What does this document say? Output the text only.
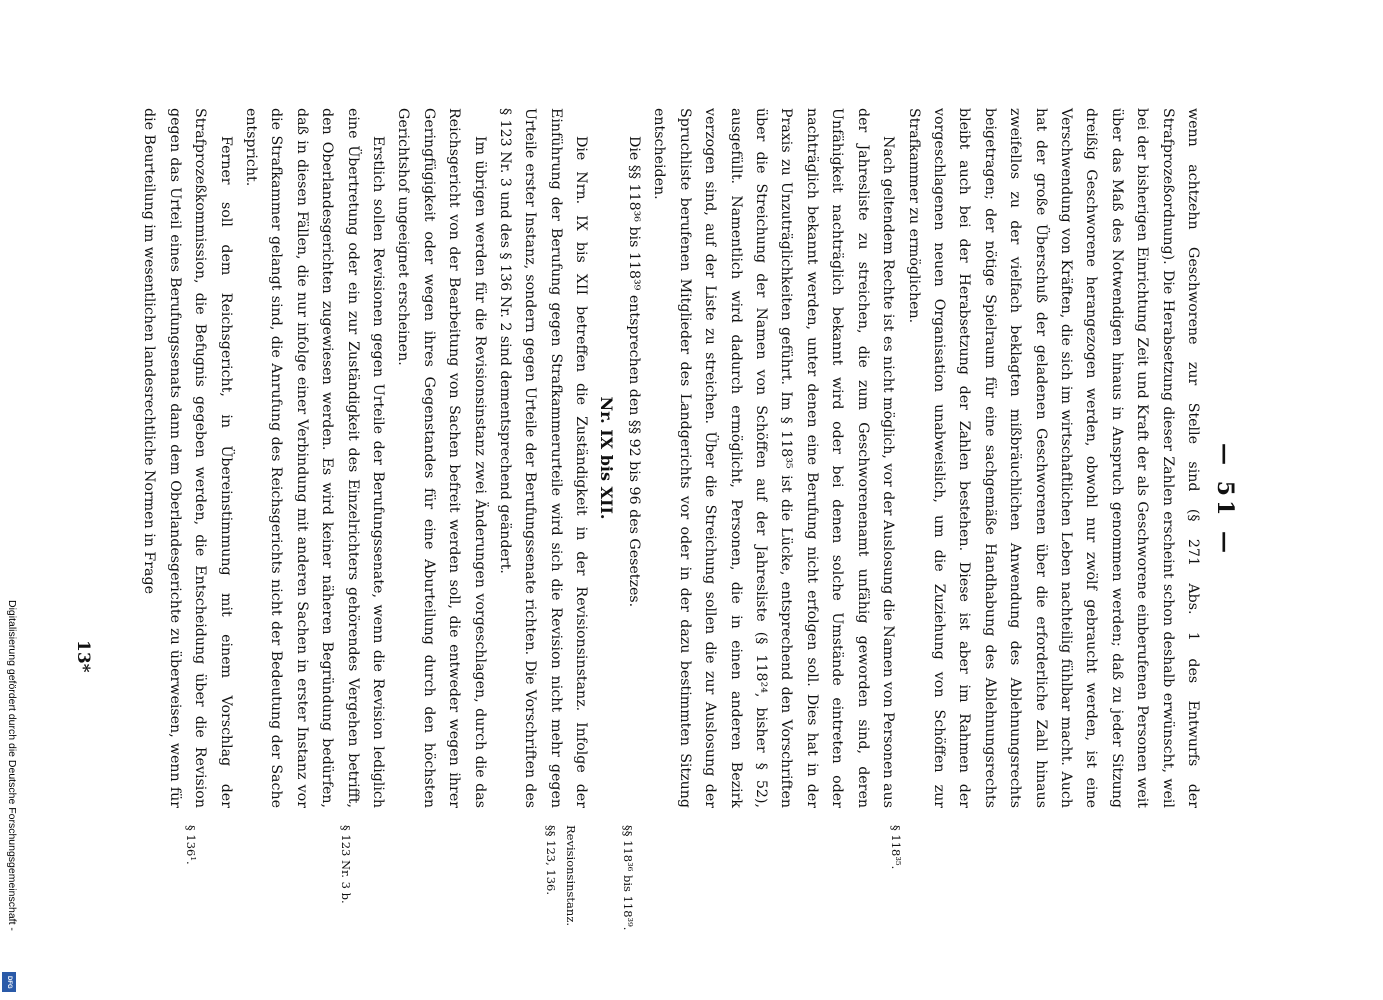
— 51 —

wenn achtzehn Geschworene zur Stelle sind (§ 271 Abs. 1 des Entwurfs der Strafprozeßordnung). Die Herabsetzung dieser Zahlen erscheint schon deshalb erwünscht, weil bei der bisherigen Einrichtung Zeit und Kraft der als Geschworene einberufenen Personen weit über das Maß des Notwendigen hinaus in Anspruch genommen werden; daß zu jeder Sitzung dreißig Geschworene herangezogen werden, obwohl nur zwölf gebraucht werden, ist eine Verschwendung von Kräften, die sich im wirtschaftlichen Leben nachteilig fühlbar macht. Auch hat der große Überschuß der geladenen Geschworenen über die erforderliche Zahl hinaus zweifellos zu der vielfach beklagten mißbräuchlichen Anwendung des Ablehnungsrechts beigetragen; der nötige Spielraum für eine sachgemäße Handhabung des Ablehnungsrechts bleibt auch bei der Herabsetzung der Zahlen bestehen. Diese ist aber im Rahmen der vorgeschlagenen neuen Organisation unabweislich, um die Zuziehung von Schöffen zur Strafkammer zu ermöglichen.

Nach geltendem Rechte ist es nicht möglich, vor der Auslosung die Namen von Personen aus der Jahresliste zu streichen, die zum Geschworenenamt unfähig geworden sind, deren Unfähigkeit nachträglich bekannt wird oder bei denen solche Umstände eintreten oder nachträglich bekannt werden, unter denen eine Berufung nicht erfolgen soll. Dies hat in der Praxis zu Unzuträglichkeiten geführt. Im § 118³⁵ ist die Lücke, entsprechend den Vorschriften über die Streichung der Namen von Schöffen auf der Jahresliste (§ 118²⁴, bisher § 52), ausgefüllt. Namentlich wird dadurch ermöglicht, Personen, die in einen anderen Bezirk verzogen sind, auf der Liste zu streichen. Über die Streichung sollen die zur Auslosung der Spruchliste berufenen Mitglieder des Landgerichts vor oder in der dazu bestimmten Sitzung entscheiden.

Die §§ 118³⁶ bis 118³⁹ entsprechen den §§ 92 bis 96 des Gesetzes.

Nr. IX bis XII.

Die Nrn. IX bis XII betreffen die Zuständigkeit in der Revisionsinstanz. Infolge der Einführung der Berufung gegen Strafkammerurteile wird sich die Revision nicht mehr gegen Urteile erster Instanz, sondern gegen Urteile der Berufungssenate richten. Die Vorschriften des § 123 Nr. 3 und des § 136 Nr. 2 sind dementsprechend geändert.

Im übrigen werden für die Revisionsinstanz zwei Änderungen vorgeschlagen, durch die das Reichsgericht von der Bearbeitung von Sachen befreit werden soll, die entweder wegen ihrer Geringfügigkeit oder wegen ihres Gegenstandes für eine Aburteilung durch den höchsten Gerichtshof ungeeignet erscheinen.

Erstlich sollen Revisionen gegen Urteile der Berufungssenate, wenn die Revision lediglich eine Übertretung oder ein zur Zuständigkeit des Einzelrichters gehörendes Vergehen betrifft, den Oberlandesgerichten zugewiesen werden. Es wird keiner näheren Begründung bedürfen, daß in diesen Fällen, die nur infolge einer Verbindung mit anderen Sachen in erster Instanz vor die Strafkammer gelangt sind, die Anrufung des Reichsgerichts nicht der Bedeutung der Sache entspricht.

Ferner soll dem Reichsgericht, in Übereinstimmung mit einem Vorschlag der Strafprozeßkommission, die Befugnis gegeben werden, die Entscheidung über die Revision gegen das Urteil eines Berufungssenats dann dem Oberlandesgerichte zu überweisen, wenn für die Beurteilung im wesentlichen landesrechtliche Normen in Frage

§ 118³⁵.
§§ 118³⁶ bis 118³⁹.
Revisionsinstanz.
§§ 123, 136.
§ 123 Nr. 3 b.
§ 136¹.
13*
Digitalisierung gefördert durch die Deutsche Forschungsgemeinschaft -
DFG
